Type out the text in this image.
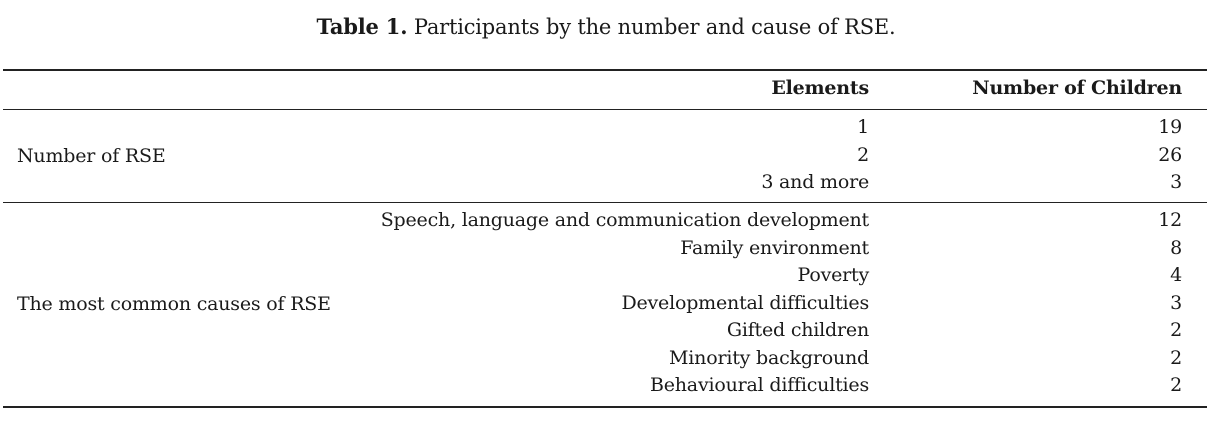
Table 1. Participants by the number and cause of RSE.
Elements	Number of Children
Number of RSE
1	19
2	26
3 and more	3
The most common causes of RSE
Speech, language and communication development	12
Family environment	8
Poverty	4
Developmental difficulties	3
Gifted children	2
Minority background	2
Behavioural difficulties	2
